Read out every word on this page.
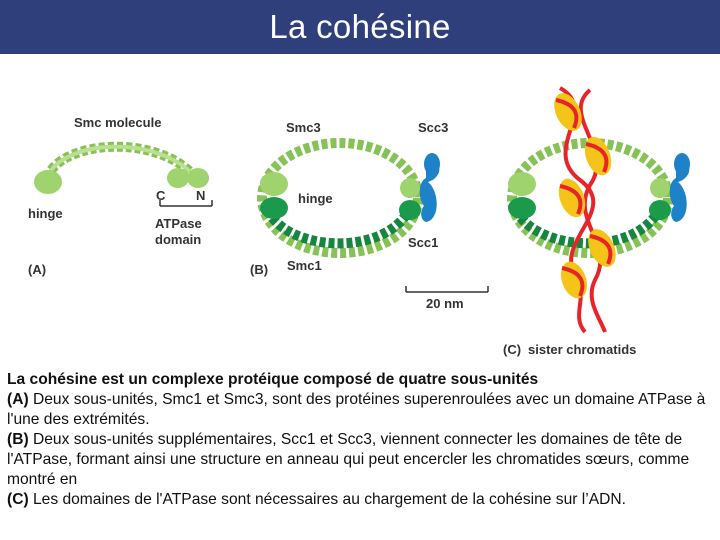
La cohésine
Smc molecule
hinge
C N
ATPase
domain
(A)
Smc3	Scc3
hinge
Scc1
Smc1
(B)
20 nm
(C) sister chromatids

La cohésine est un complexe protéique composé de quatre sous-unités

(A) Deux sous-unités, Smc1 et Smc3, sont des protéines superenroulées avec un domaine ATPase à l'une des extrémités.

(B) Deux sous-unités supplémentaires, Scc1 et Scc3, viennent connecter les domaines de tête de l'ATPase, formant ainsi une structure en anneau qui peut encercler les chromatides sœurs, comme montré en

(C) Les domaines de l'ATPase sont nécessaires au chargement de la cohésine sur l’ADN.
